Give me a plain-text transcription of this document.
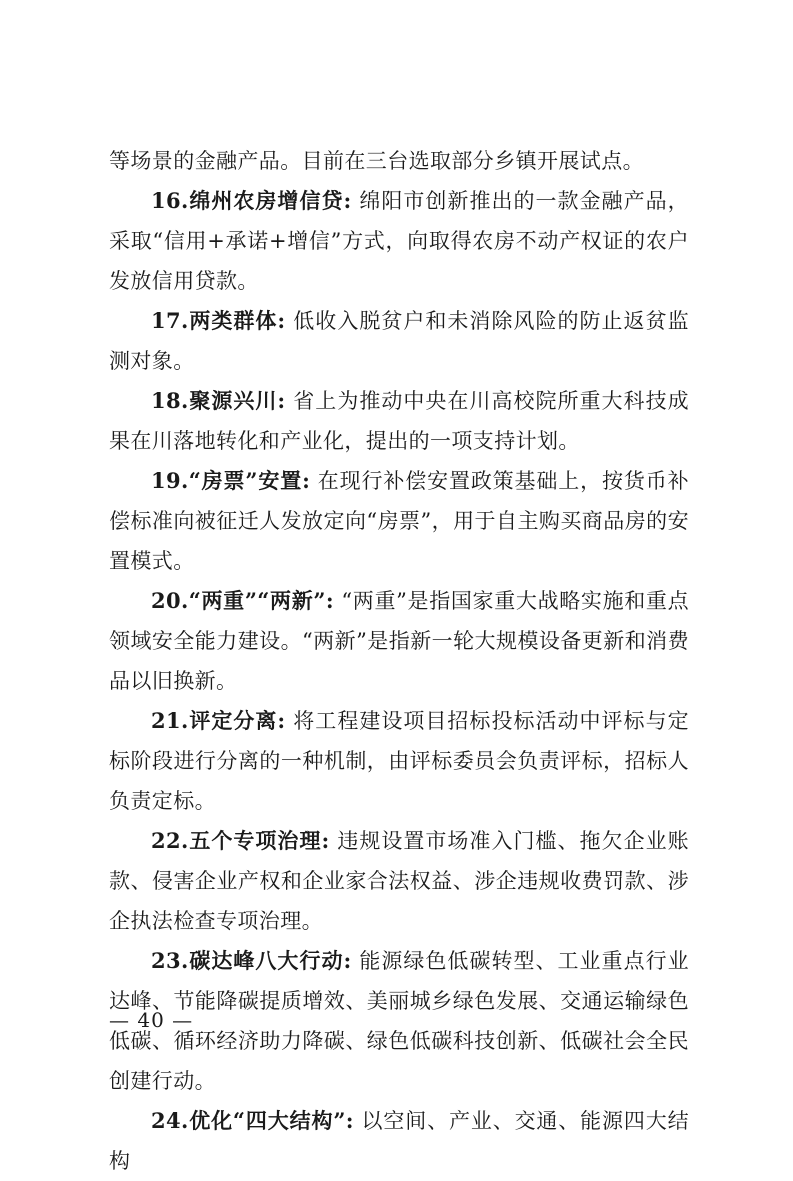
等场景的金融产品。目前在三台选取部分乡镇开展试点。

16.绵州农房增信贷: 绵阳市创新推出的一款金融产品，采取“信用+承诺+增信”方式，向取得农房不动产权证的农户发放信用贷款。

17.两类群体: 低收入脱贫户和未消除风险的防止返贫监测对象。

18.聚源兴川: 省上为推动中央在川高校院所重大科技成果在川落地转化和产业化，提出的一项支持计划。

19.“房票”安置: 在现行补偿安置政策基础上，按货币补偿标准向被征迁人发放定向“房票”，用于自主购买商品房的安置模式。

20.“两重”“两新”: “两重”是指国家重大战略实施和重点领域安全能力建设。“两新”是指新一轮大规模设备更新和消费品以旧换新。

21.评定分离: 将工程建设项目招标投标活动中评标与定标阶段进行分离的一种机制，由评标委员会负责评标，招标人负责定标。

22.五个专项治理: 违规设置市场准入门槛、拖欠企业账款、侵害企业产权和企业家合法权益、涉企违规收费罚款、涉企执法检查专项治理。

23.碳达峰八大行动: 能源绿色低碳转型、工业重点行业达峰、节能降碳提质增效、美丽城乡绿色发展、交通运输绿色低碳、循环经济助力降碳、绿色低碳科技创新、低碳社会全民创建行动。

24.优化“四大结构”: 以空间、产业、交通、能源四大结构

— 40 —
